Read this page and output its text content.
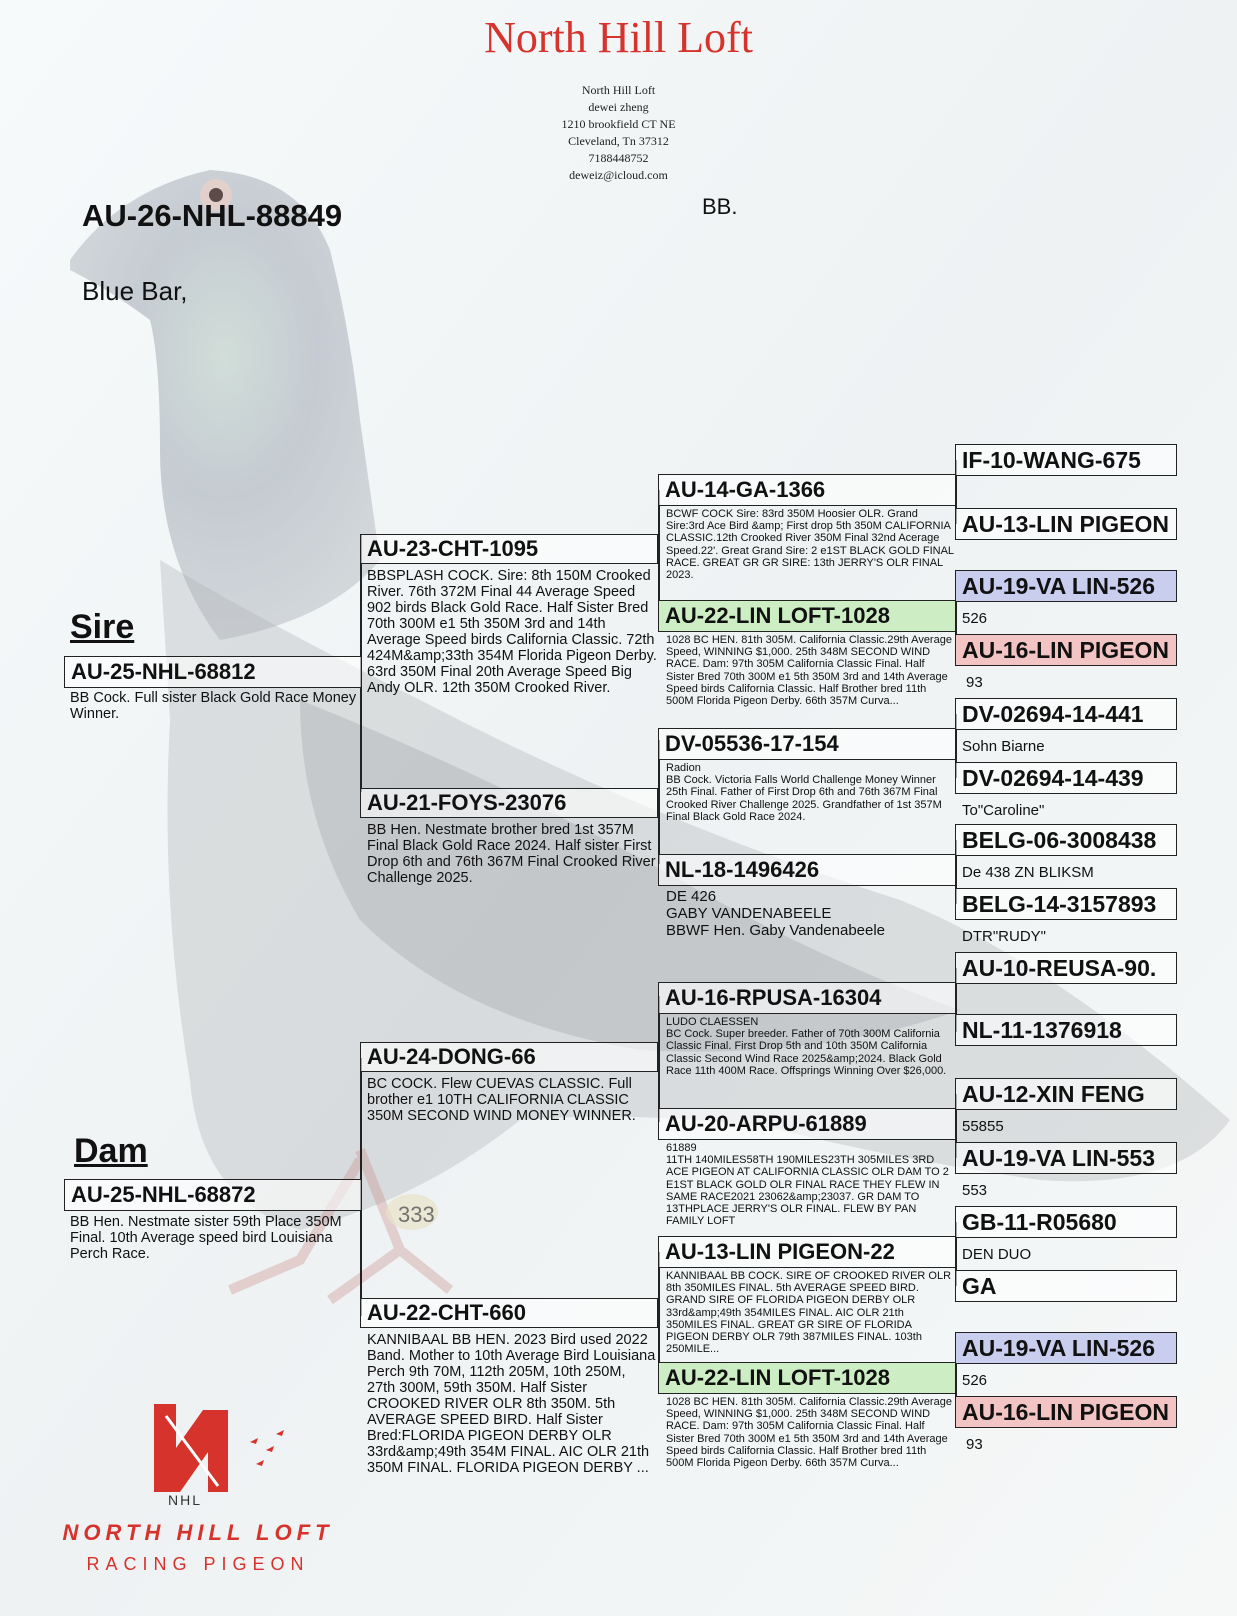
333
North Hill Loft
North Hill Loft
dewei zheng
1210 brookfield CT NE
Cleveland, Tn 37312
7188448752
deweiz@icloud.com
AU-26-NHL-88849
Blue Bar,
BB.
Sire
AU-25-NHL-68812
BB Cock. Full sister Black Gold Race Money Winner.
Dam
AU-25-NHL-68872
BB Hen. Nestmate sister 59th Place 350M Final. 10th Average speed bird Louisiana Perch Race.
AU-23-CHT-1095
BBSPLASH COCK. Sire: 8th 150M Crooked River. 76th 372M Final 44 Average Speed 902 birds Black Gold Race. Half Sister Bred 70th 300M e1 5th 350M 3rd and 14th Average Speed birds California Classic. 72th 424M&amp;33th 354M Florida Pigeon Derby. 63rd 350M Final 20th Average Speed Big Andy OLR. 12th 350M Crooked River.
AU-21-FOYS-23076
BB Hen. Nestmate brother bred 1st 357M Final Black Gold Race 2024. Half sister First Drop 6th and 76th 367M Final Crooked River Challenge 2025.
AU-24-DONG-66
BC COCK. Flew CUEVAS CLASSIC. Full brother e1 10TH CALIFORNIA CLASSIC 350M SECOND WIND MONEY WINNER.
AU-22-CHT-660
KANNIBAAL BB HEN. 2023 Bird used 2022 Band. Mother to 10th Average Bird Louisiana Perch 9th 70M, 112th 205M, 10th 250M, 27th 300M, 59th 350M. Half Sister CROOKED RIVER OLR 8th 350M. 5th AVERAGE SPEED BIRD. Half Sister Bred:FLORIDA PIGEON DERBY OLR 33rd&amp;49th 354M FINAL. AIC OLR 21th 350M FINAL. FLORIDA PIGEON DERBY ...
AU-14-GA-1366
BCWF COCK Sire: 83rd 350M Hoosier OLR. Grand Sire:3rd Ace Bird &amp; First drop 5th 350M CALIFORNIA CLASSIC.12th Crooked River 350M Final 32nd Acerage Speed.22'. Great Grand Sire: 2 e1ST BLACK GOLD FINAL RACE. GREAT GR GR SIRE: 13th JERRY'S OLR FINAL 2023.
AU-22-LIN LOFT-1028
1028 BC HEN. 81th 305M. California Classic.29th Average Speed, WINNING $1,000. 25th 348M SECOND WIND RACE. Dam: 97th 305M California Classic Final. Half Sister Bred 70th 300M e1 5th 350M 3rd and 14th Average Speed birds California Classic. Half Brother bred 11th 500M Florida Pigeon Derby. 66th 357M Curva...
DV-05536-17-154
Radion
BB Cock. Victoria Falls World Challenge Money Winner 25th Final. Father of First Drop 6th and 76th 367M Final Crooked River Challenge 2025. Grandfather of 1st 357M Final Black Gold Race 2024.
NL-18-1496426
DE 426
GABY VANDENABEELE
BBWF Hen. Gaby Vandenabeele
AU-16-RPUSA-16304
LUDO CLAESSEN
BC Cock. Super breeder. Father of 70th 300M California Classic Final. First Drop 5th and 10th 350M California Classic Second Wind Race 2025&amp;2024. Black Gold Race 11th 400M Race. Offsprings Winning Over $26,000.
AU-20-ARPU-61889
61889
11TH 140MILES58TH 190MILES23TH 305MILES 3RD ACE PIGEON AT CALIFORNIA CLASSIC OLR DAM TO 2 E1ST BLACK GOLD OLR FINAL RACE THEY FLEW IN SAME RACE2021 23062&amp;23037. GR DAM TO 13THPLACE JERRY'S OLR FINAL. FLEW BY PAN FAMILY LOFT
AU-13-LIN PIGEON-22
KANNIBAAL BB COCK. SIRE OF CROOKED RIVER OLR 8th 350MILES FINAL. 5th AVERAGE SPEED BIRD. GRAND SIRE OF FLORIDA PIGEON DERBY OLR 33rd&amp;49th 354MILES FINAL. AIC OLR 21th 350MILES FINAL. GREAT GR SIRE OF FLORIDA PIGEON DERBY OLR 79th 387MILES FINAL. 103th 250MILE...
AU-22-LIN LOFT-1028
1028 BC HEN. 81th 305M. California Classic.29th Average Speed, WINNING $1,000. 25th 348M SECOND WIND RACE. Dam: 97th 305M California Classic Final. Half Sister Bred 70th 300M e1 5th 350M 3rd and 14th Average Speed birds California Classic. Half Brother bred 11th 500M Florida Pigeon Derby. 66th 357M Curva...
IF-10-WANG-675
AU-13-LIN PIGEON
AU-19-VA LIN-526
526
AU-16-LIN PIGEON
93
DV-02694-14-441
Sohn Biarne
DV-02694-14-439
To"Caroline"
BELG-06-3008438
De 438 ZN BLIKSM
BELG-14-3157893
DTR"RUDY"
AU-10-REUSA-90.
NL-11-1376918
AU-12-XIN FENG
55855
AU-19-VA LIN-553
553
GB-11-R05680
DEN DUO
GA
AU-19-VA LIN-526
526
AU-16-LIN PIGEON
93
NHL
NORTH HILL LOFT
RACING PIGEON
